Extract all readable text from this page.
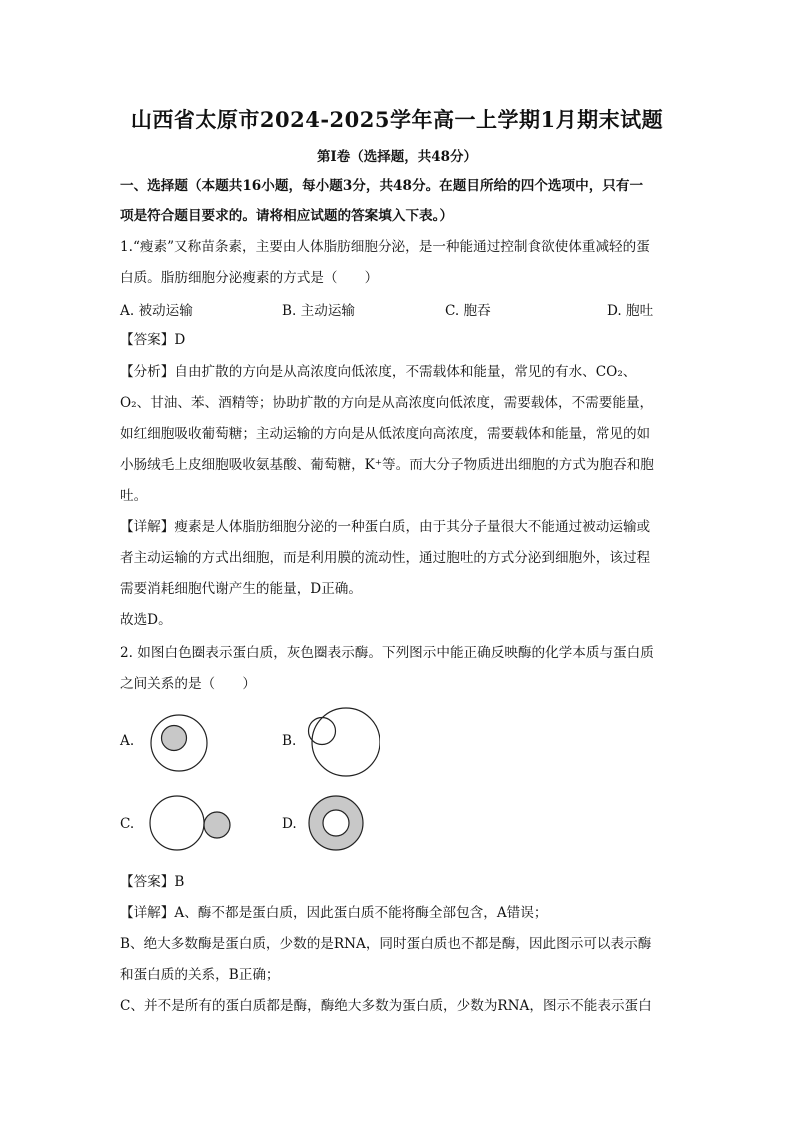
山西省太原市2024-2025学年高一上学期1月期末试题
第I卷（选择题，共48分）
一、选择题（本题共16小题，每小题3分，共48分。在题目所给的四个选项中，只有一
项是符合题目要求的。请将相应试题的答案填入下表。）
1.“瘦素”又称苗条素，主要由人体脂肪细胞分泌，是一种能通过控制食欲使体重减轻的蛋
白质。脂肪细胞分泌瘦素的方式是（　　）
A. 被动运输	B. 主动运输	C. 胞吞	D. 胞吐
【答案】D
【分析】自由扩散的方向是从高浓度向低浓度，不需载体和能量，常见的有水、CO₂、
O₂、甘油、苯、酒精等；协助扩散的方向是从高浓度向低浓度，需要载体，不需要能量，
如红细胞吸收葡萄糖；主动运输的方向是从低浓度向高浓度，需要载体和能量，常见的如
小肠绒毛上皮细胞吸收氨基酸、葡萄糖，K⁺等。而大分子物质进出细胞的方式为胞吞和胞
吐。
【详解】瘦素是人体脂肪细胞分泌的一种蛋白质，由于其分子量很大不能通过被动运输或
者主动运输的方式出细胞，而是利用膜的流动性，通过胞吐的方式分泌到细胞外，该过程
需要消耗细胞代谢产生的能量，D正确。
故选D。
2. 如图白色圈表示蛋白质，灰色圈表示酶。下列图示中能正确反映酶的化学本质与蛋白质
之间关系的是（　　）
A.	B.
C.	D.
【答案】B
【详解】A、酶不都是蛋白质，因此蛋白质不能将酶全部包含，A错误；
B、绝大多数酶是蛋白质，少数的是RNA，同时蛋白质也不都是酶，因此图示可以表示酶
和蛋白质的关系，B正确；
C、并不是所有的蛋白质都是酶，酶绝大多数为蛋白质，少数为RNA，图示不能表示蛋白
